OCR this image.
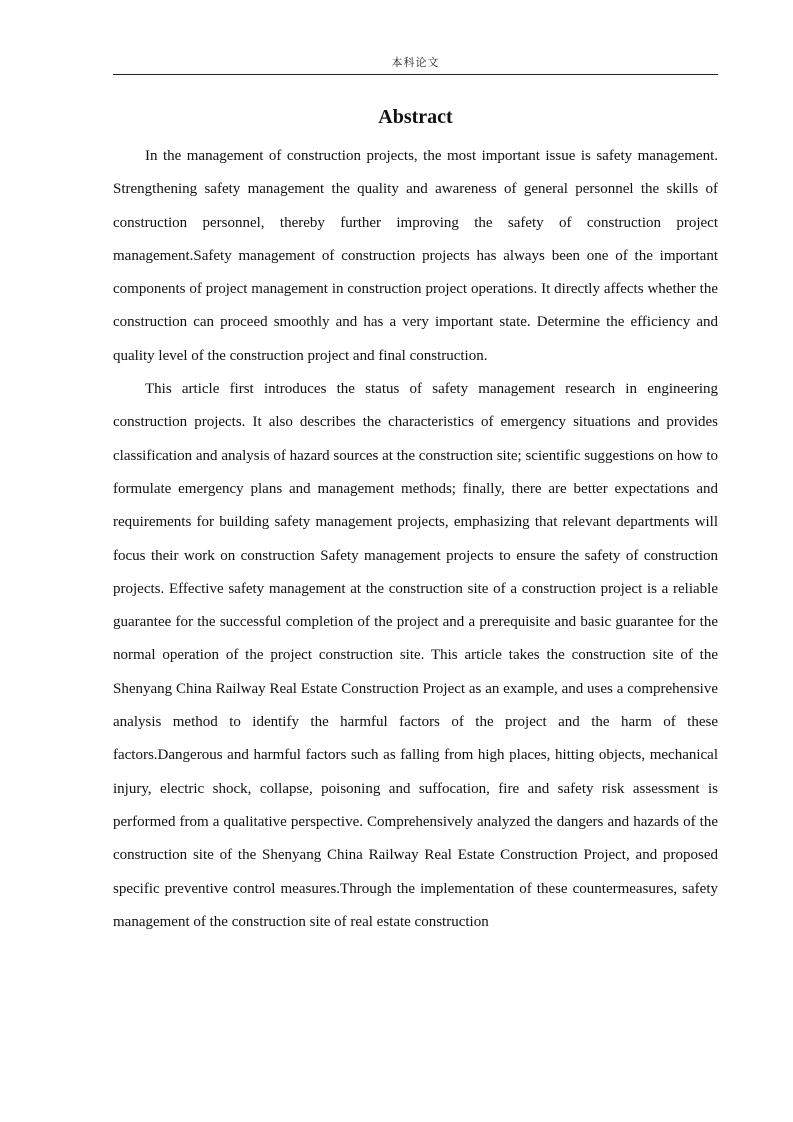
本科论文
Abstract

In the management of construction projects, the most important issue is safety management. Strengthening safety management the quality and awareness of general personnel the skills of construction personnel, thereby further improving the safety of construction project management.Safety management of construction projects has always been one of the important components of project management in construction project operations. It directly affects whether the construction can proceed smoothly and has a very important state. Determine the efficiency and quality level of the construction project and final construction.

This article first introduces the status of safety management research in engineering construction projects. It also describes the characteristics of emergency situations and provides classification and analysis of hazard sources at the construction site; scientific suggestions on how to formulate emergency plans and management methods; finally, there are better expectations and requirements for building safety management projects, emphasizing that relevant departments will focus their work on construction Safety management projects to ensure the safety of construction projects. Effective safety management at the construction site of a construction project is a reliable guarantee for the successful completion of the project and a prerequisite and basic guarantee for the normal operation of the project construction site. This article takes the construction site of the Shenyang China Railway Real Estate Construction Project as an example, and uses a comprehensive analysis method to identify the harmful factors of the project and the harm of these factors.Dangerous and harmful factors such as falling from high places, hitting objects, mechanical injury, electric shock, collapse, poisoning and suffocation, fire and safety risk assessment is performed from a qualitative perspective. Comprehensively analyzed the dangers and hazards of the construction site of the Shenyang China Railway Real Estate Construction Project, and proposed specific preventive control measures.Through the implementation of these countermeasures, safety management of the construction site of real estate construction
